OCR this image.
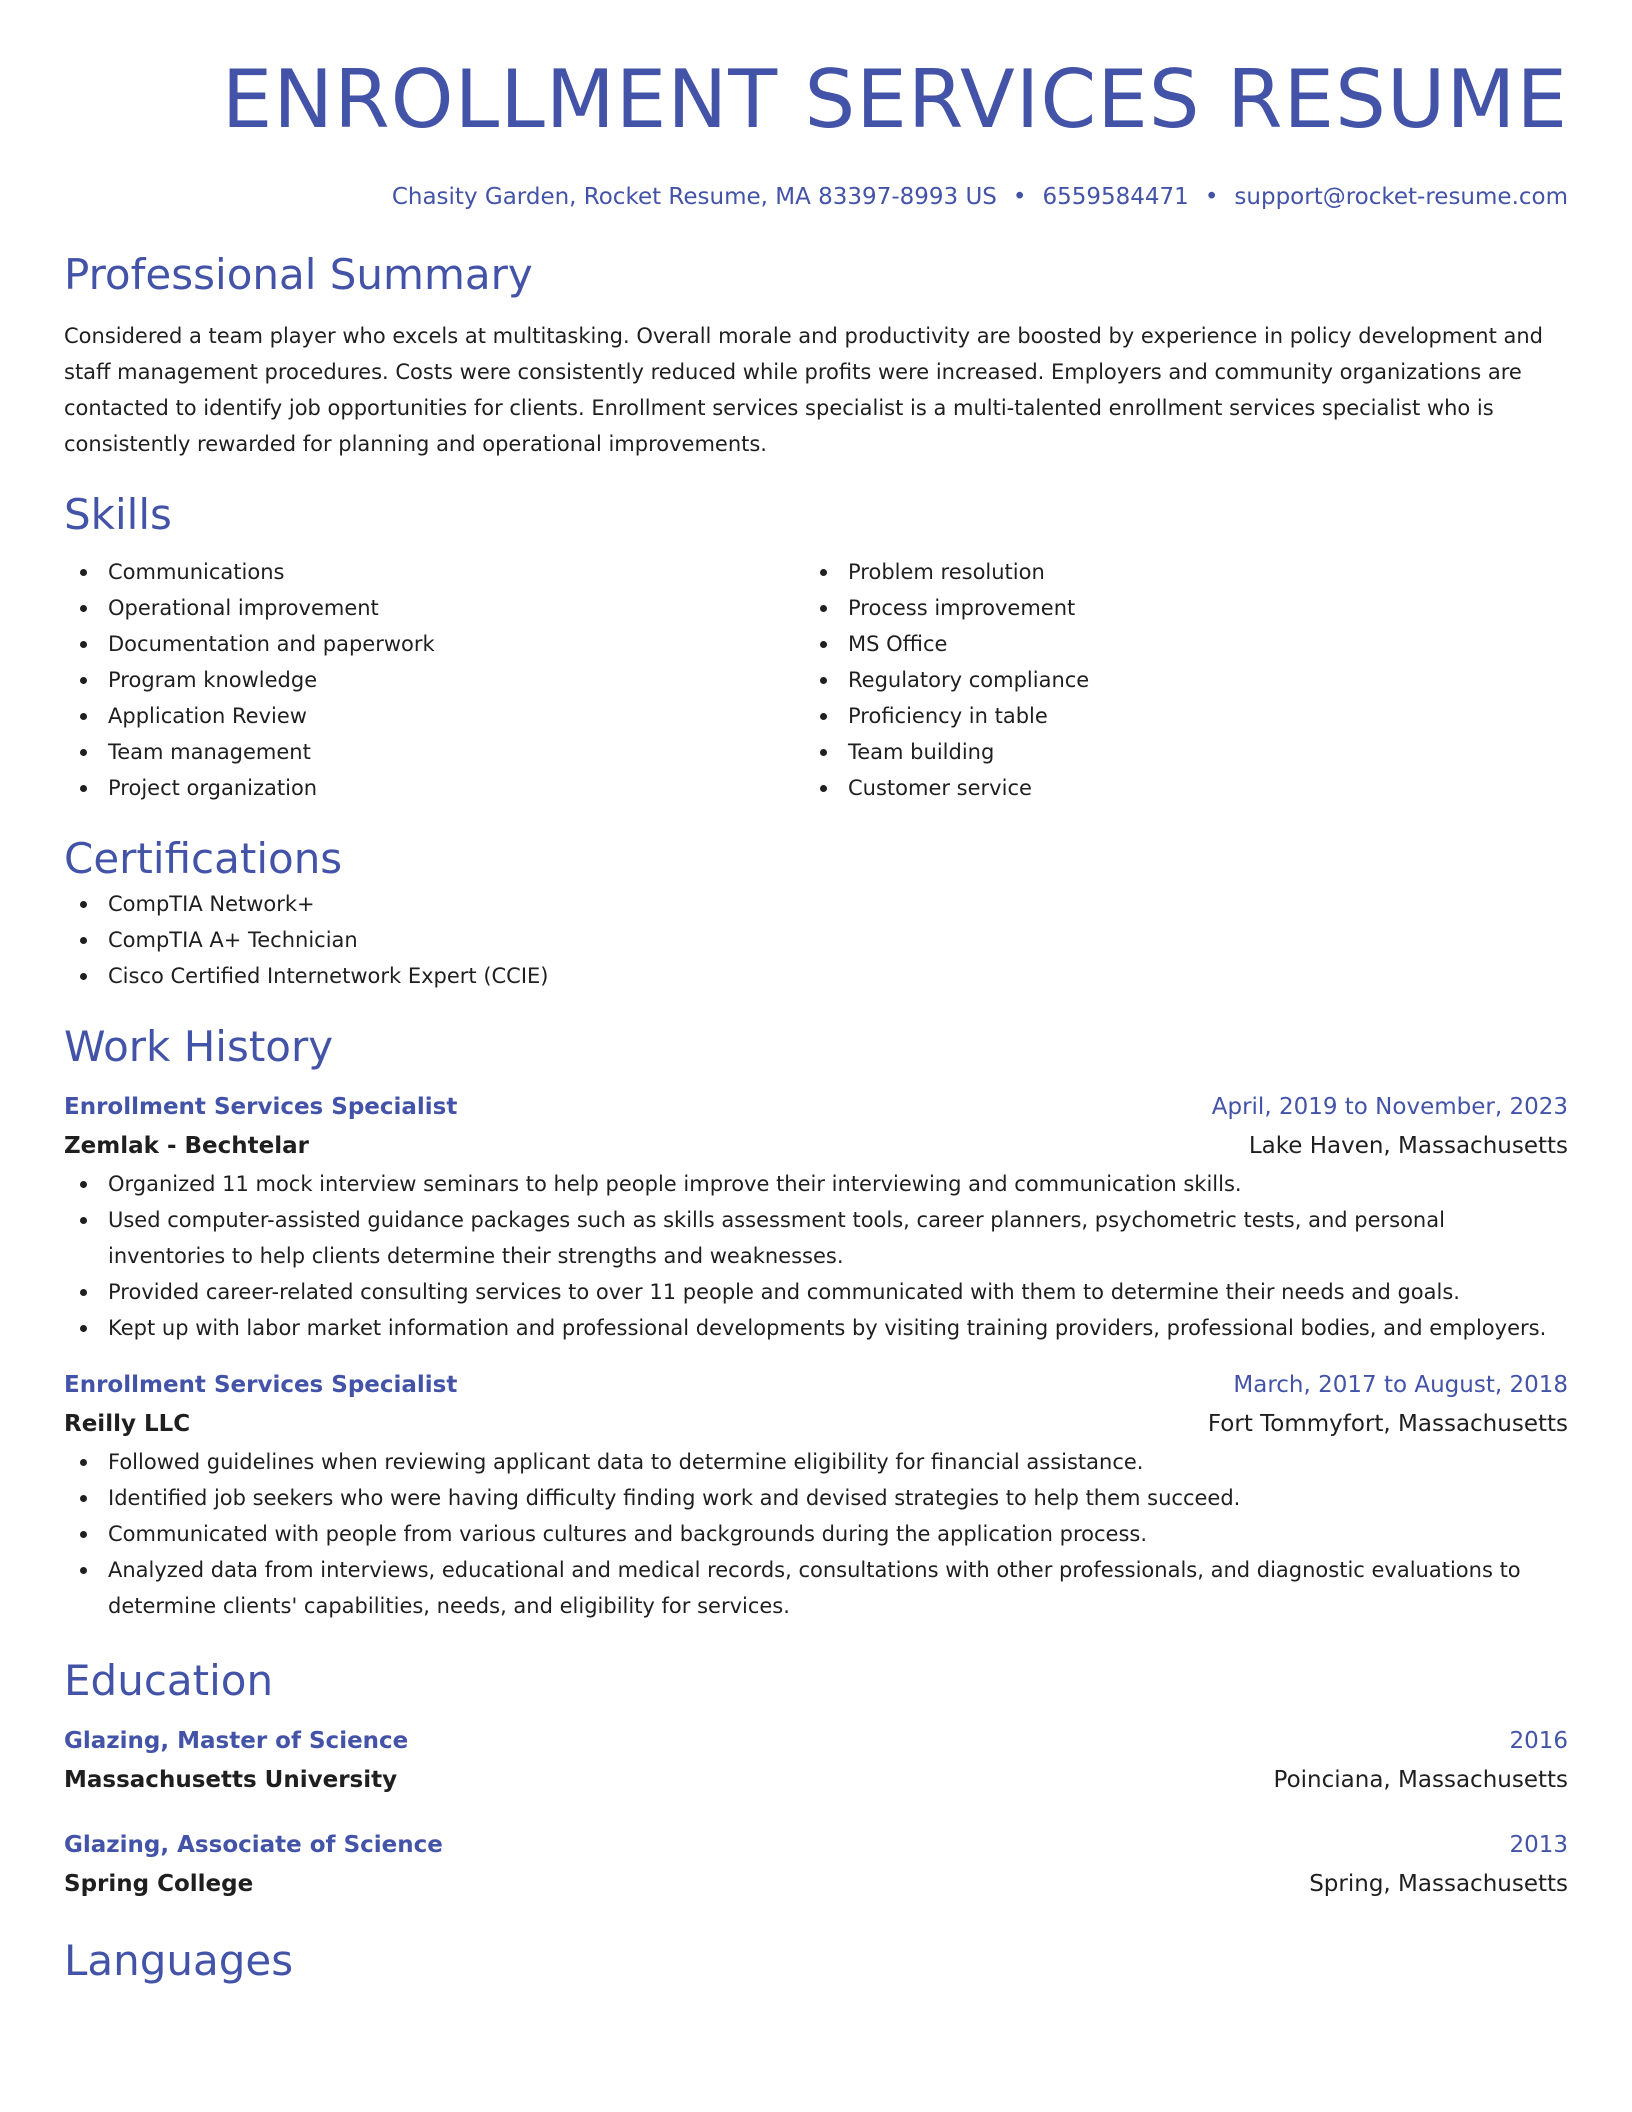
ENROLLMENT SERVICES RESUME
Chasity Garden, Rocket Resume, MA 83397-8993 US • 6559584471 • support@rocket-resume.com
Professional Summary
Considered a team player who excels at multitasking. Overall morale and productivity are boosted by experience in policy development and staff management procedures. Costs were consistently reduced while profits were increased. Employers and community organizations are contacted to identify job opportunities for clients. Enrollment services specialist is a multi-talented enrollment services specialist who is consistently rewarded for planning and operational improvements.
Skills
Communications
Operational improvement
Documentation and paperwork
Program knowledge
Application Review
Team management
Project organization
Problem resolution
Process improvement
MS Office
Regulatory compliance
Proficiency in table
Team building
Customer service
Certifications
CompTIA Network+
CompTIA A+ Technician
Cisco Certified Internetwork Expert (CCIE)
Work History
Enrollment Services Specialist	April, 2019 to November, 2023
Zemlak - Bechtelar	Lake Haven, Massachusetts
Organized 11 mock interview seminars to help people improve their interviewing and communication skills.
Used computer-assisted guidance packages such as skills assessment tools, career planners, psychometric tests, and personal inventories to help clients determine their strengths and weaknesses.
Provided career-related consulting services to over 11 people and communicated with them to determine their needs and goals.
Kept up with labor market information and professional developments by visiting training providers, professional bodies, and employers.
Enrollment Services Specialist	March, 2017 to August, 2018
Reilly LLC	Fort Tommyfort, Massachusetts
Followed guidelines when reviewing applicant data to determine eligibility for financial assistance.
Identified job seekers who were having difficulty finding work and devised strategies to help them succeed.
Communicated with people from various cultures and backgrounds during the application process.
Analyzed data from interviews, educational and medical records, consultations with other professionals, and diagnostic evaluations to determine clients' capabilities, needs, and eligibility for services.
Education
Glazing, Master of Science	2016
Massachusetts University	Poinciana, Massachusetts
Glazing, Associate of Science	2013
Spring College	Spring, Massachusetts
Languages
